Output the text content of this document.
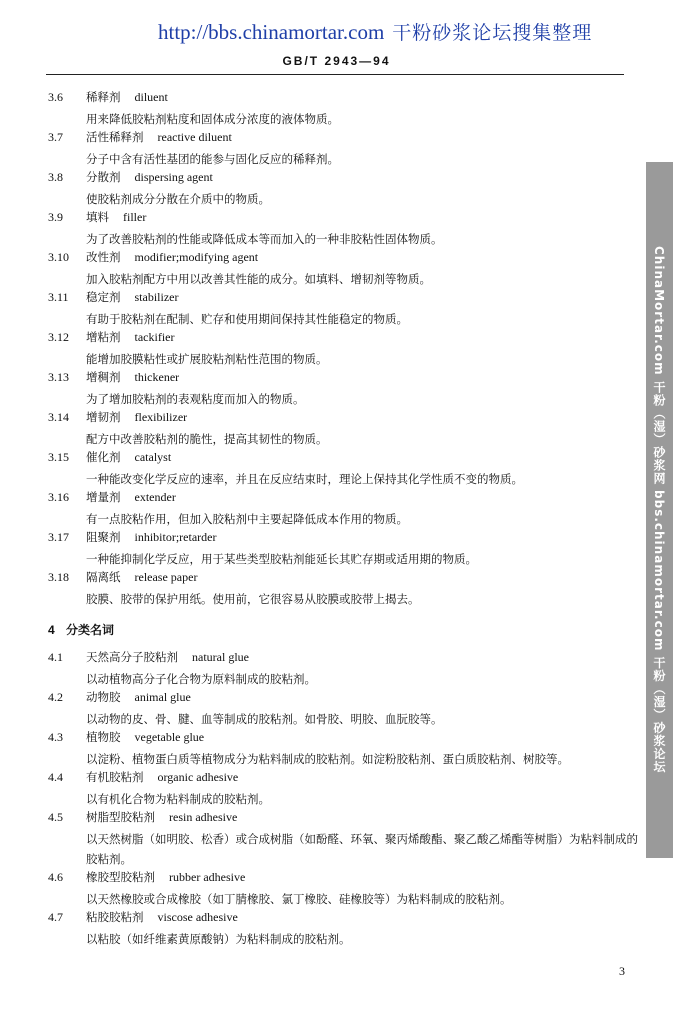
http://bbs.chinamortar.com 干粉砂浆论坛搜集整理
GB/T 2943—94
ChinaMortar.com 干粉（湿）砂浆网 bbs.chinamortar.com 干粉（湿）砂浆论坛
3.6	稀释剂 diluent
用来降低胶粘剂粘度和固体成分浓度的液体物质。
3.7	活性稀释剂 reactive diluent
分子中含有活性基团的能参与固化反应的稀释剂。
3.8	分散剂 dispersing agent
使胶粘剂成分分散在介质中的物质。
3.9	填料 filler
为了改善胶粘剂的性能或降低成本等而加入的一种非胶粘性固体物质。
3.10	改性剂 modifier;modifying agent
加入胶粘剂配方中用以改善其性能的成分。如填料、增韧剂等物质。
3.11	稳定剂 stabilizer
有助于胶粘剂在配制、贮存和使用期间保持其性能稳定的物质。
3.12	增粘剂 tackifier
能增加胶膜粘性或扩展胶粘剂粘性范围的物质。
3.13	增稠剂 thickener
为了增加胶粘剂的表观粘度而加入的物质。
3.14	增韧剂 flexibilizer
配方中改善胶粘剂的脆性，提高其韧性的物质。
3.15	催化剂 catalyst
一种能改变化学反应的速率，并且在反应结束时，理论上保持其化学性质不变的物质。
3.16	增量剂 extender
有一点胶粘作用，但加入胶粘剂中主要起降低成本作用的物质。
3.17	阻聚剂 inhibitor;retarder
一种能抑制化学反应，用于某些类型胶粘剂能延长其贮存期或适用期的物质。
3.18	隔离纸 release paper
胶膜、胶带的保护用纸。使用前，它很容易从胶膜或胶带上揭去。
4 分类名词
4.1	天然高分子胶粘剂 natural glue
以动植物高分子化合物为原料制成的胶粘剂。
4.2	动物胶 animal glue
以动物的皮、骨、腱、血等制成的胶粘剂。如骨胶、明胶、血朊胶等。
4.3	植物胶 vegetable glue
以淀粉、植物蛋白质等植物成分为粘料制成的胶粘剂。如淀粉胶粘剂、蛋白质胶粘剂、树胶等。
4.4	有机胶粘剂 organic adhesive
以有机化合物为粘料制成的胶粘剂。
4.5	树脂型胶粘剂 resin adhesive
以天然树脂（如明胶、松香）或合成树脂（如酚醛、环氧、聚丙烯酸酯、聚乙酸乙烯酯等树脂）为粘料制成的胶粘剂。
4.6	橡胶型胶粘剂 rubber adhesive
以天然橡胶或合成橡胶（如丁腈橡胶、氯丁橡胶、硅橡胶等）为粘料制成的胶粘剂。
4.7	粘胶胶粘剂 viscose adhesive
以粘胶（如纤维素黄原酸钠）为粘料制成的胶粘剂。
3
